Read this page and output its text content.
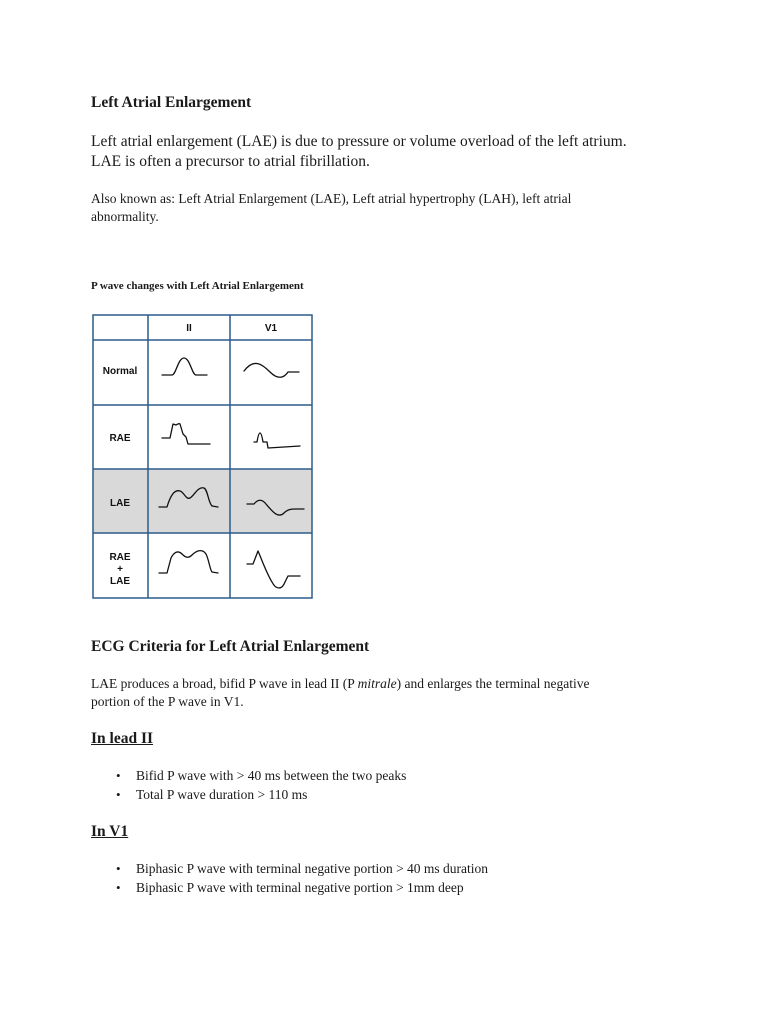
Left Atrial Enlargement
Left atrial enlargement (LAE) is due to pressure or volume overload of the left atrium.
LAE is often a precursor to atrial fibrillation.
Also known as: Left Atrial Enlargement (LAE), Left atrial hypertrophy (LAH), left atrial
abnormality.
P wave changes with Left Atrial Enlargement
II	V1
Normal
RAE
LAE
RAE
+
LAE
ECG Criteria for Left Atrial Enlargement
LAE produces a broad, bifid P wave in lead II (P mitrale) and enlarges the terminal negative
portion of the P wave in V1.
In lead II
• Bifid P wave with > 40 ms between the two peaks
• Total P wave duration > 110 ms
In V1
• Biphasic P wave with terminal negative portion > 40 ms duration
• Biphasic P wave with terminal negative portion > 1mm deep
